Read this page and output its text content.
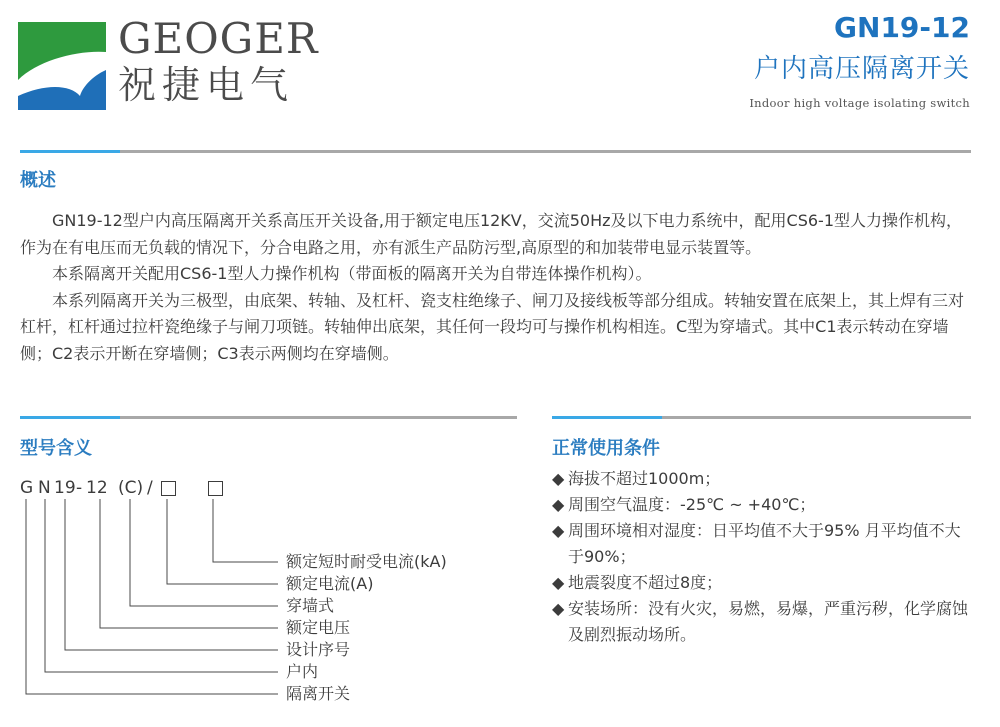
GEOGER
祝捷电气
GN19-12
户内高压隔离开关
Indoor high voltage isolating switch
概述

GN19-12型户内高压隔离开关系高压开关设备,用于额定电压12KV，交流50Hz及以下电力系统中，配用CS6-1型人力操作机构，作为在有电压而无负载的情况下，分合电路之用，亦有派生产品防污型,高原型的和加装带电显示装置等。

本系隔离开关配用CS6-1型人力操作机构（带面板的隔离开关为自带连体操作机构）。

本系列隔离开关为三极型，由底架、转轴、及杠杆、瓷支柱绝缘子、闸刀及接线板等部分组成。转轴安置在底架上，其上焊有三对杠杆，杠杆通过拉杆瓷绝缘子与闸刀项链。转轴伸出底架，其任何一段均可与操作机构相连。C型为穿墙式。其中C1表示转动在穿墙侧；C2表示开断在穿墙侧；C3表示两侧均在穿墙侧。

型号含义
G N 19 - 12 (C) /
额定短时耐受电流(kA)
额定电流(A)
穿墙式
额定电压
设计序号
户内
隔离开关
正常使用条件
◆ 海拔不超过1000m；
◆ 周围空气温度：-25℃ ~ +40℃；
◆ 周围环境相对湿度：日平均值不大于95% 月平均值不大于90%；
◆ 地震裂度不超过8度；
◆ 安装场所：没有火灾，易燃，易爆，严重污秽，化学腐蚀及剧烈振动场所。
